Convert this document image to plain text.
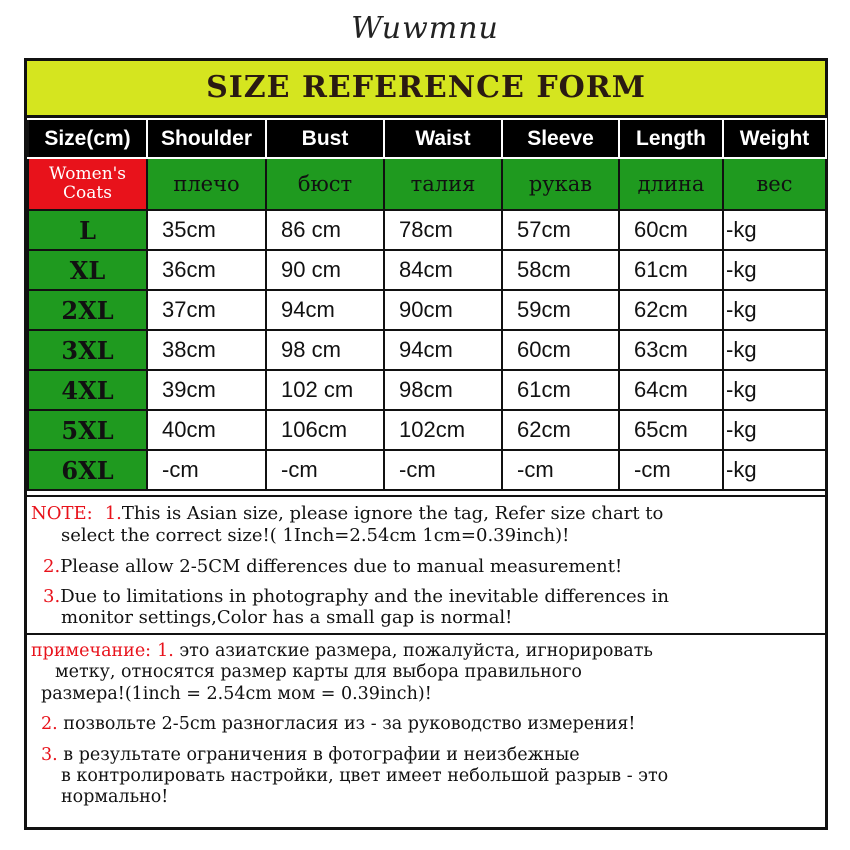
Wuwmnu
SIZE REFERENCE FORM
Size(cm)	Shoulder	Bust	Waist	Sleeve	Length	Weight

Women's
Coats	плечо	бюст	талия	рукав	длина	вес
L	35cm	86 cm	78cm	57cm	60cm	-kg
XL	36cm	90 cm	84cm	58cm	61cm	-kg
2XL	37cm	94cm	90cm	59cm	62cm	-kg
3XL	38cm	98 cm	94cm	60cm	63cm	-kg
4XL	39cm	102 cm	98cm	61cm	64cm	-kg
5XL	40cm	106cm	102cm	62cm	65cm	-kg
6XL	-cm	-cm	-cm	-cm	-cm	-kg
NOTE: 1.This is Asian size, please ignore the tag, Refer size chart to
select the correct size!( 1Inch=2.54cm 1cm=0.39inch)!
2.Please allow 2-5CM differences due to manual measurement!
3.Due to limitations in photography and the inevitable differences in
monitor settings,Color has a small gap is normal!
примечание: 1. это азиатские размера, пожалуйста, игнорировать
метку, относятся размер карты для выбора правильного
размера!(1inch = 2.54cm мом = 0.39inch)!
2. позвольте 2-5cm разногласия из - за руководство измерения!
3. в результате ограничения в фотографии и неизбежные
в контролировать настройки, цвет имеет небольшой разрыв - это
нормально!
